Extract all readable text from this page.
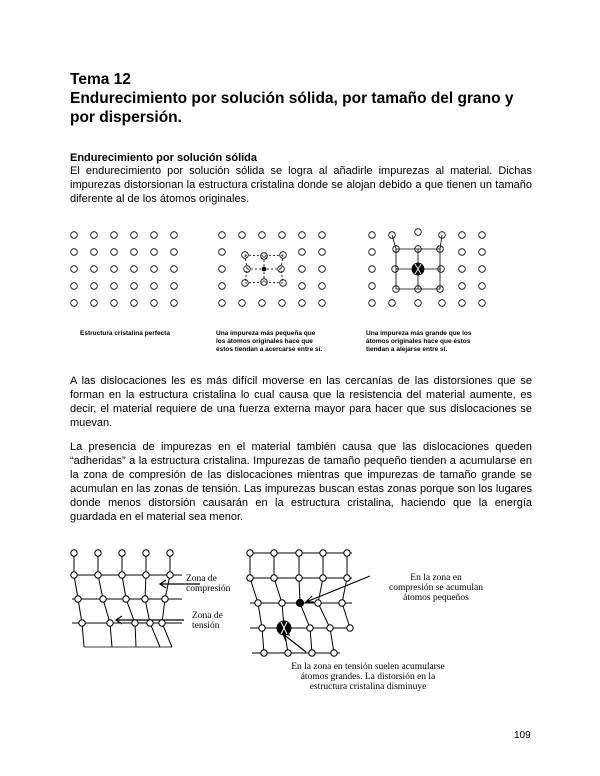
Tema 12
Endurecimiento por solución sólida, por tamaño del grano y
por dispersión.
Endurecimiento por solución sólida
El endurecimiento por solución sólida se logra al añadirle impurezas al material. Dichas impurezas distorsionan la estructura cristalina donde se alojan debido a que tienen un tamaño diferente al de los átomos originales.
Estructura cristalina perfecta	Una impureza más pequeña que
los átomos originales hace que
éstos tiendan a acercarse entre sí.
Una impureza más grande que los
átomos originales hace que éstos
tiendan a alejarse entre sí.
A las dislocaciones les es más difícil moverse en las cercanías de las distorsiones que se forman en la estructura cristalina lo cual causa que la resistencia del material aumente, es decir, el material requiere de una fuerza externa mayor para hacer que sus dislocaciones se muevan.
La presencia de impurezas en el material también causa que las dislocaciones queden “adheridas” a la estructura cristalina. Impurezas de tamaño pequeño tienden a acumularse en la zona de compresión de las dislocaciones mientras que impurezas de tamaño grande se acumulan en las zonas de tensión. Las impurezas buscan estas zonas porque son los lugares donde menos distorsión causarán en la estructura cristalina, haciendo que la energía guardada en el material sea menor.
Zona de
compresión
Zona de
tensión
En la zona en
compresión se acumulan
átomos pequeños
En la zona en tensión suelen acumularse
átomos grandes. La distorsión en la
estructura cristalina disminuye
109
